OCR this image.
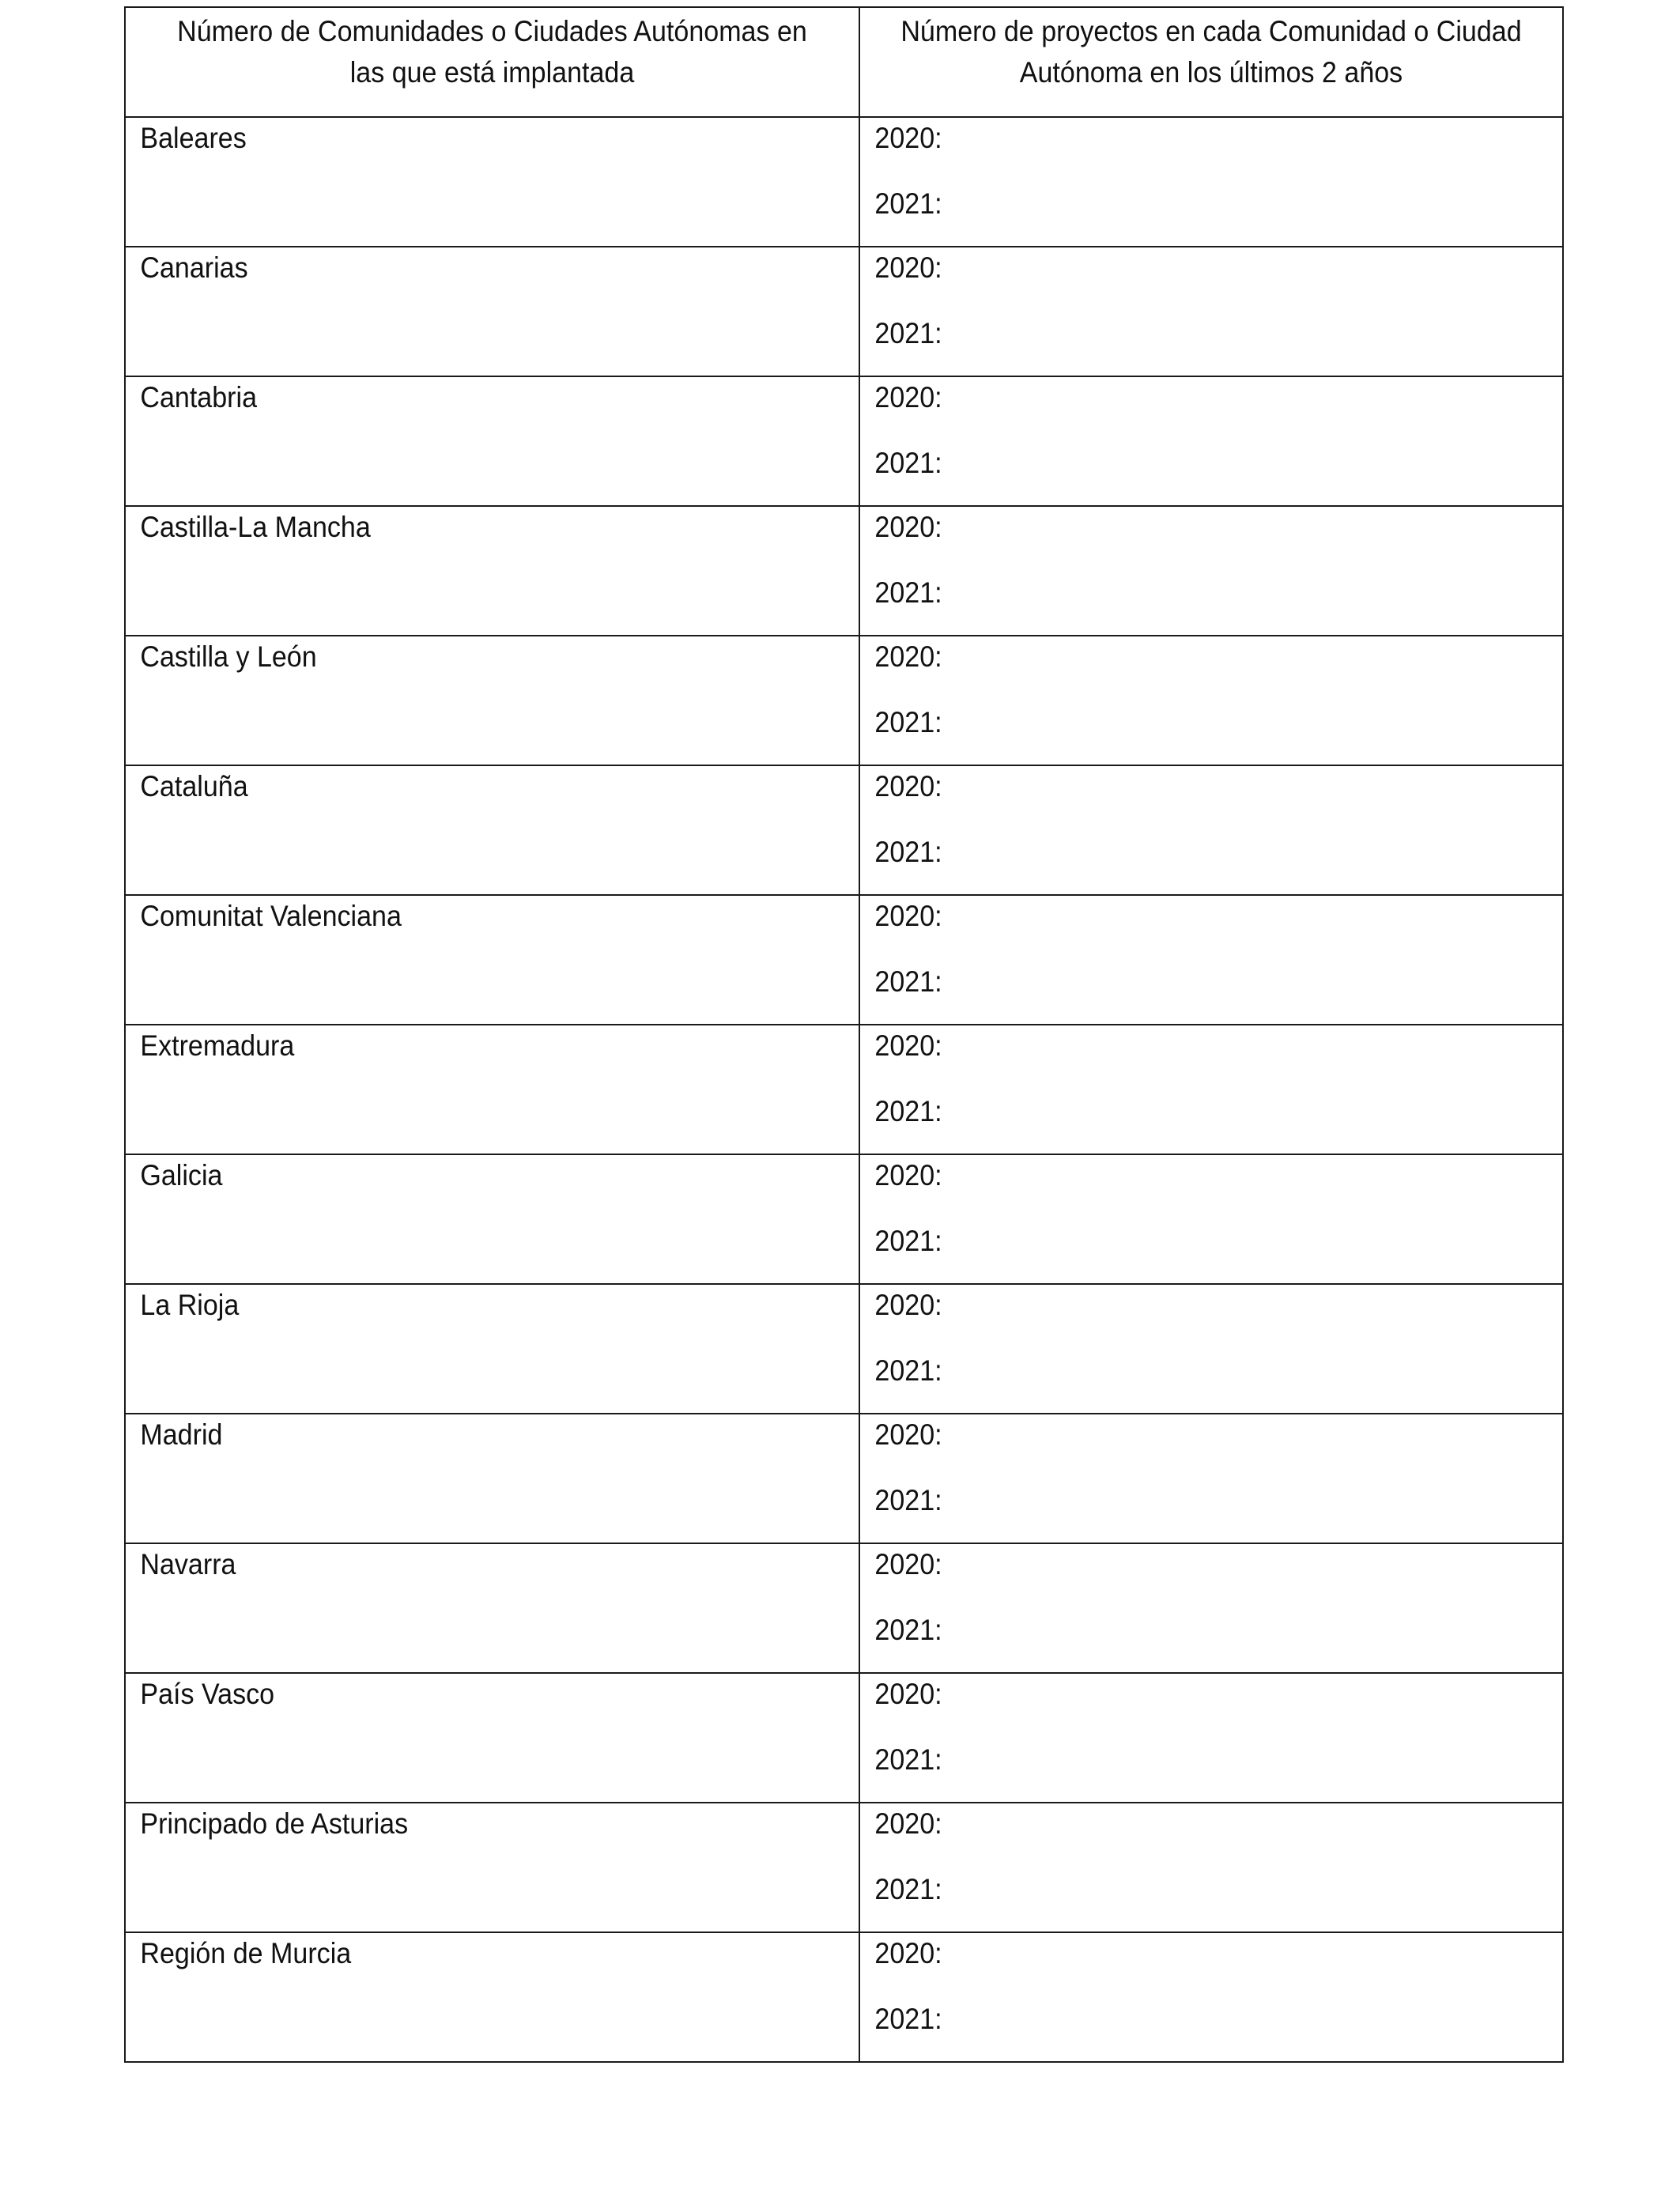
Número de Comunidades o Ciudades Autónomas en las que está implantada	Número de proyectos en cada Comunidad o Ciudad Autónoma en los últimos 2 años

Baleares	2020:
2021:

Canarias	2020:
2021:

Cantabria	2020:
2021:

Castilla-La Mancha	2020:
2021:

Castilla y León	2020:
2021:

Cataluña	2020:
2021:

Comunitat Valenciana	2020:
2021:

Extremadura	2020:
2021:

Galicia	2020:
2021:

La Rioja	2020:
2021:

Madrid	2020:
2021:

Navarra	2020:
2021:

País Vasco	2020:
2021:

Principado de Asturias	2020:
2021:

Región de Murcia	2020:
2021:
